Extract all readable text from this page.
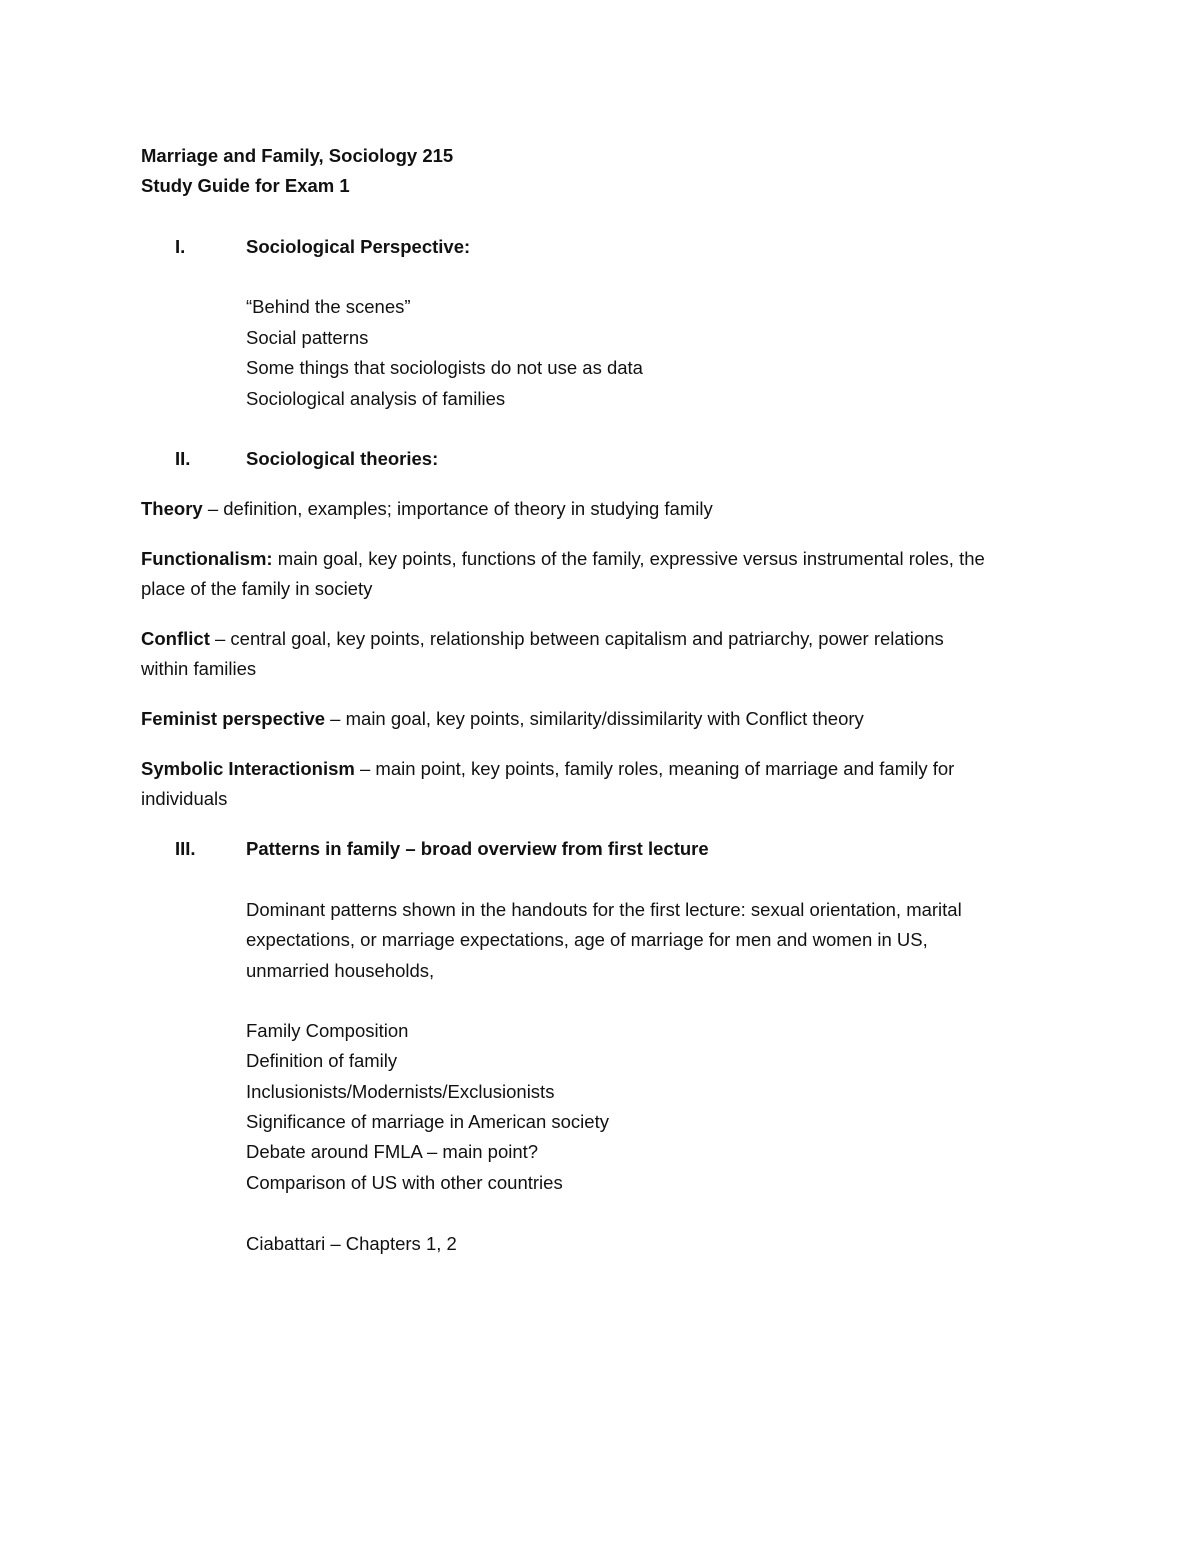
Marriage and Family, Sociology 215
Study Guide for Exam 1
I.	Sociological Perspective:
“Behind the scenes”
Social patterns
Some things that sociologists do not use as data
Sociological analysis of families
II.	Sociological theories:
Theory – definition, examples; importance of theory in studying family
Functionalism: main goal, key points, functions of the family, expressive versus instrumental roles, the
place of the family in society
Conflict – central goal, key points, relationship between capitalism and patriarchy, power relations
within families
Feminist perspective – main goal, key points, similarity/dissimilarity with Conflict theory
Symbolic Interactionism – main point, key points, family roles, meaning of marriage and family for
individuals
III.	Patterns in family – broad overview from first lecture
Dominant patterns shown in the handouts for the first lecture: sexual orientation, marital
expectations, or marriage expectations, age of marriage for men and women in US,
unmarried households,
Family Composition
Definition of family
Inclusionists/Modernists/Exclusionists
Significance of marriage in American society
Debate around FMLA – main point?
Comparison of US with other countries
Ciabattari – Chapters 1, 2
